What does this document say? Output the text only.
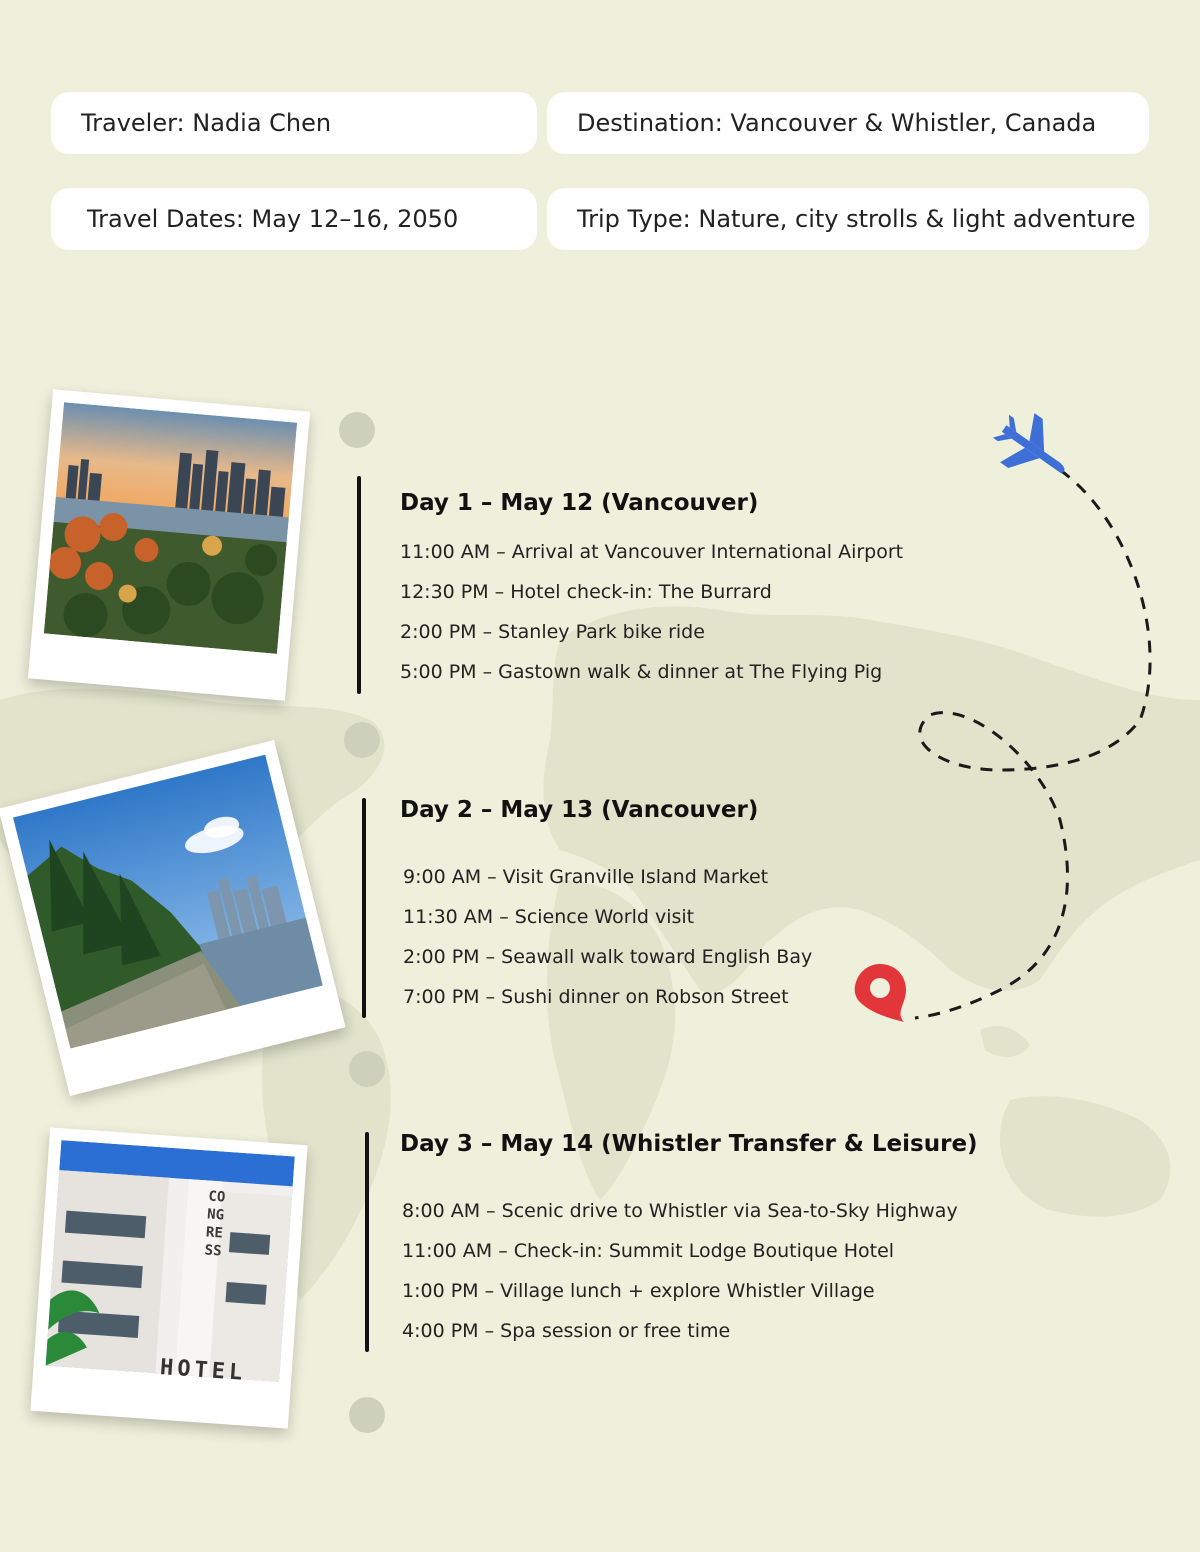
Traveler: Nadia Chen	Destination: Vancouver & Whistler, Canada
Travel Dates: May 12–16, 2050	Trip Type: Nature, city strolls & light adventure
Day 1 – May 12 (Vancouver)
11:00 AM – Arrival at Vancouver International Airport
12:30 PM – Hotel check-in: The Burrard
2:00 PM – Stanley Park bike ride
5:00 PM – Gastown walk & dinner at The Flying Pig
Day 2 – May 13 (Vancouver)
9:00 AM – Visit Granville Island Market
11:30 AM – Science World visit
2:00 PM – Seawall walk toward English Bay
7:00 PM – Sushi dinner on Robson Street
Day 3 – May 14 (Whistler Transfer & Leisure)
8:00 AM – Scenic drive to Whistler via Sea-to-Sky Highway
11:00 AM – Check-in: Summit Lodge Boutique Hotel
1:00 PM – Village lunch + explore Whistler Village
4:00 PM – Spa session or free time
CONGRESS
HOTEL
